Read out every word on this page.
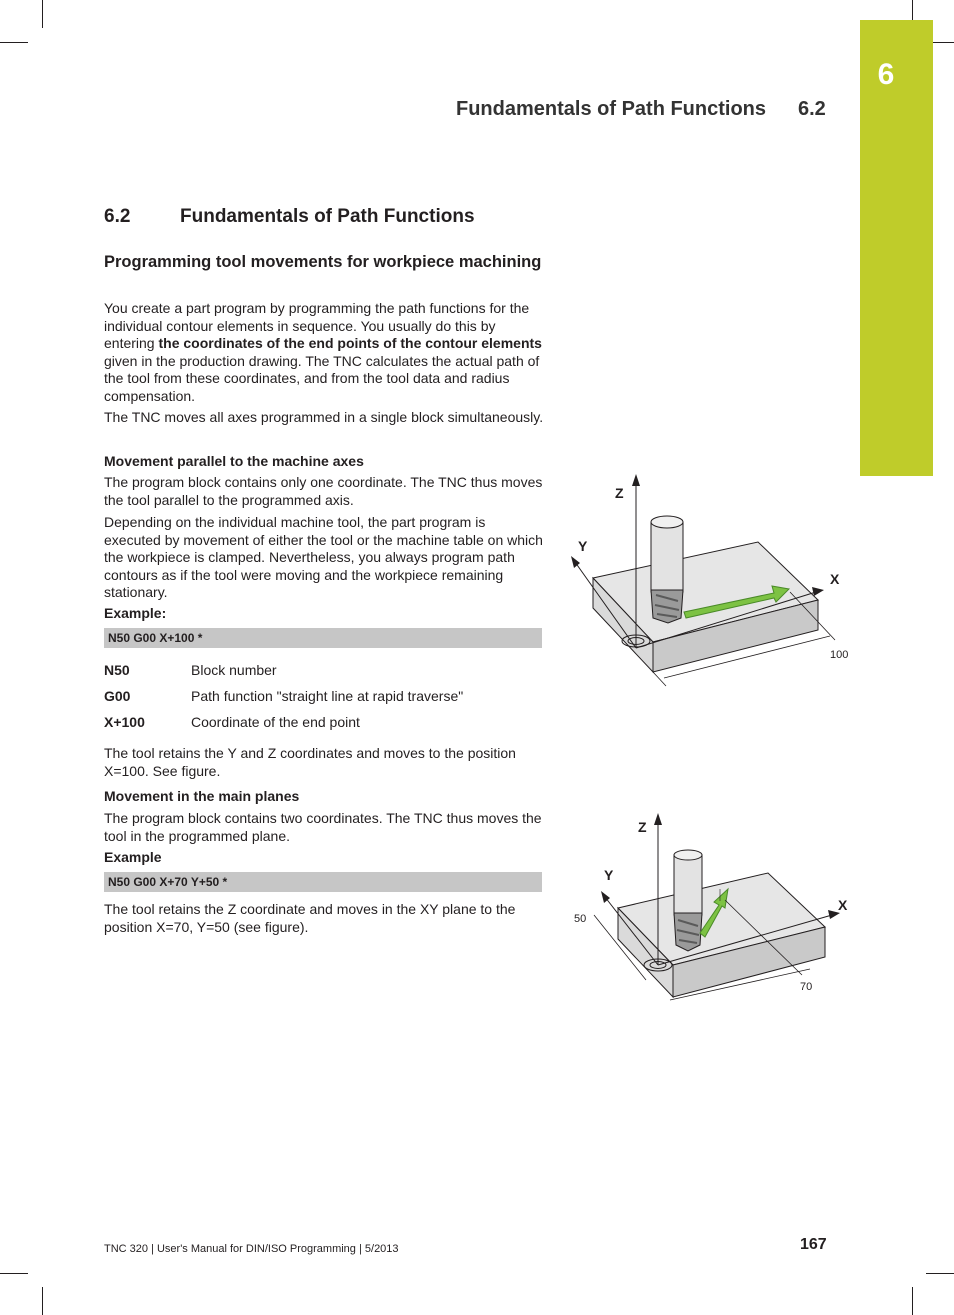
6
Fundamentals of Path Functions 6.2
6.2	Fundamentals of Path Functions
Programming tool movements for workpiece machining

You create a part program by programming the path functions for the individual contour elements in sequence. You usually do this by entering the coordinates of the end points of the contour elements given in the production drawing. The TNC calculates the actual path of the tool from these coordinates, and from the tool data and radius compensation.

The TNC moves all axes programmed in a single block simultaneously.

Movement parallel to the machine axes

The program block contains only one coordinate. The TNC thus moves the tool parallel to the programmed axis.

Depending on the individual machine tool, the part program is executed by movement of either the tool or the machine table on which the workpiece is clamped. Nevertheless, you always program path contours as if the tool were moving and the workpiece remaining stationary.

Example:
N50 G00 X+100 *
N50	Block number
G00	Path function "straight line at rapid traverse"
X+100	Coordinate of the end point

The tool retains the Y and Z coordinates and moves to the position X=100. See figure.

Movement in the main planes

The program block contains two coordinates. The TNC thus moves the tool in the programmed plane.

Example
N50 G00 X+70 Y+50 *

The tool retains the Z coordinate and moves in the XY plane to the position X=70, Y=50 (see figure).

Z
Y
X
100
Z
Y
X
50
70
TNC 320 | User's Manual for DIN/ISO Programming | 5/2013	167
